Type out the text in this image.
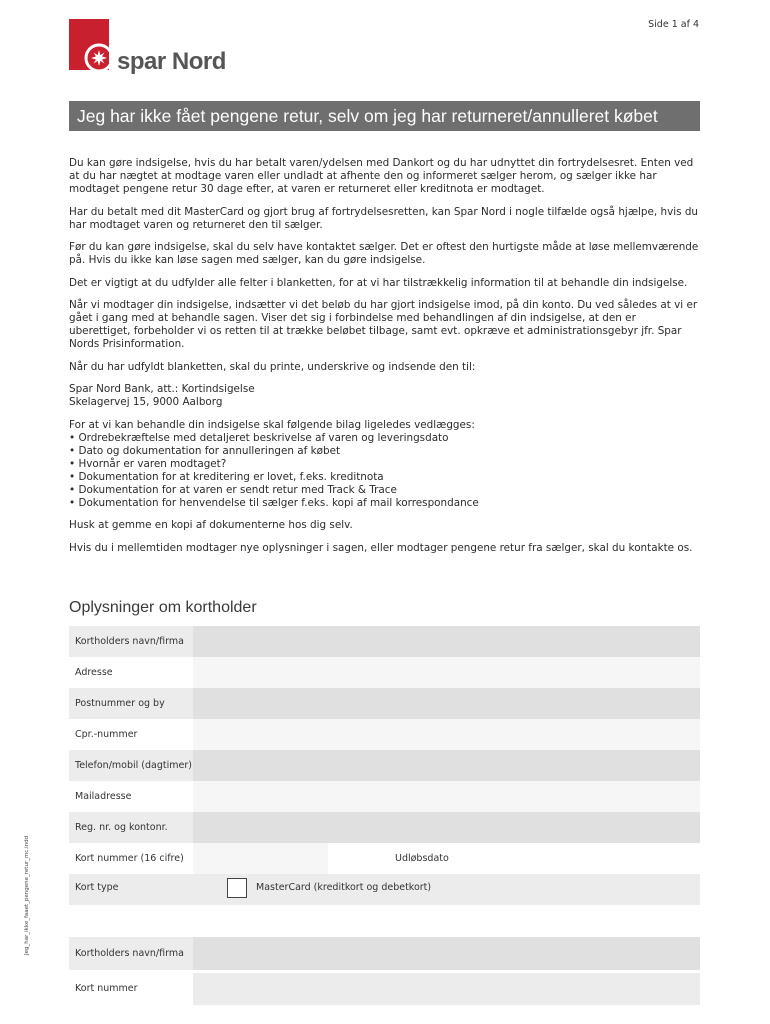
Side 1 af 4
spar Nord
Jeg har ikke fået pengene retur, selv om jeg har returneret/annulleret købet

Du kan gøre indsigelse, hvis du har betalt varen/ydelsen med Dankort og du har udnyttet din fortrydelsesret. Enten ved at du har nægtet at modtage varen eller undladt at afhente den og informeret sælger herom, og sælger ikke har modtaget pengene retur 30 dage efter, at varen er returneret eller kreditnota er modtaget.

Har du betalt med dit MasterCard og gjort brug af fortrydelsesretten, kan Spar Nord i nogle tilfælde også hjælpe, hvis du har modtaget varen og returneret den til sælger.

Før du kan gøre indsigelse, skal du selv have kontaktet sælger. Det er oftest den hurtigste måde at løse mellemværende på. Hvis du ikke kan løse sagen med sælger, kan du gøre indsigelse.

Det er vigtigt at du udfylder alle felter i blanketten, for at vi har tilstrækkelig information til at behandle din indsigelse.

Når vi modtager din indsigelse, indsætter vi det beløb du har gjort indsigelse imod, på din konto. Du ved således at vi er gået i gang med at behandle sagen. Viser det sig i forbindelse med behandlingen af din indsigelse, at den er uberettiget, forbeholder vi os retten til at trække beløbet tilbage, samt evt. opkræve et administrationsgebyr jfr. Spar Nords Prisinformation.

Når du har udfyldt blanketten, skal du printe, underskrive og indsende den til:

Spar Nord Bank, att.: Kortindsigelse
Skelagervej 15, 9000 Aalborg

For at vi kan behandle din indsigelse skal følgende bilag ligeledes vedlægges:

• Ordrebekræftelse med detaljeret beskrivelse af varen og leveringsdato
• Dato og dokumentation for annulleringen af købet
• Hvornår er varen modtaget?
• Dokumentation for at kreditering er lovet, f.eks. kreditnota
• Dokumentation for at varen er sendt retur med Track & Trace
• Dokumentation for henvendelse til sælger f.eks. kopi af mail korrespondance

Husk at gemme en kopi af dokumenterne hos dig selv.

Hvis du i mellemtiden modtager nye oplysninger i sagen, eller modtager pengene retur fra sælger, skal du kontakte os.

Oplysninger om kortholder
Kortholders navn/firma
Adresse
Postnummer og by
Cpr.-nummer
Telefon/mobil (dagtimer)
Mailadresse
Reg. nr. og kontonr.
Kort nummer (16 cifre)	Udløbsdato
Kort type	MasterCard (kreditkort og debetkort)
Kortholders navn/firma
Kort nummer
Jeg_har_ikke_faaet_pengene_retur_mc.indd
